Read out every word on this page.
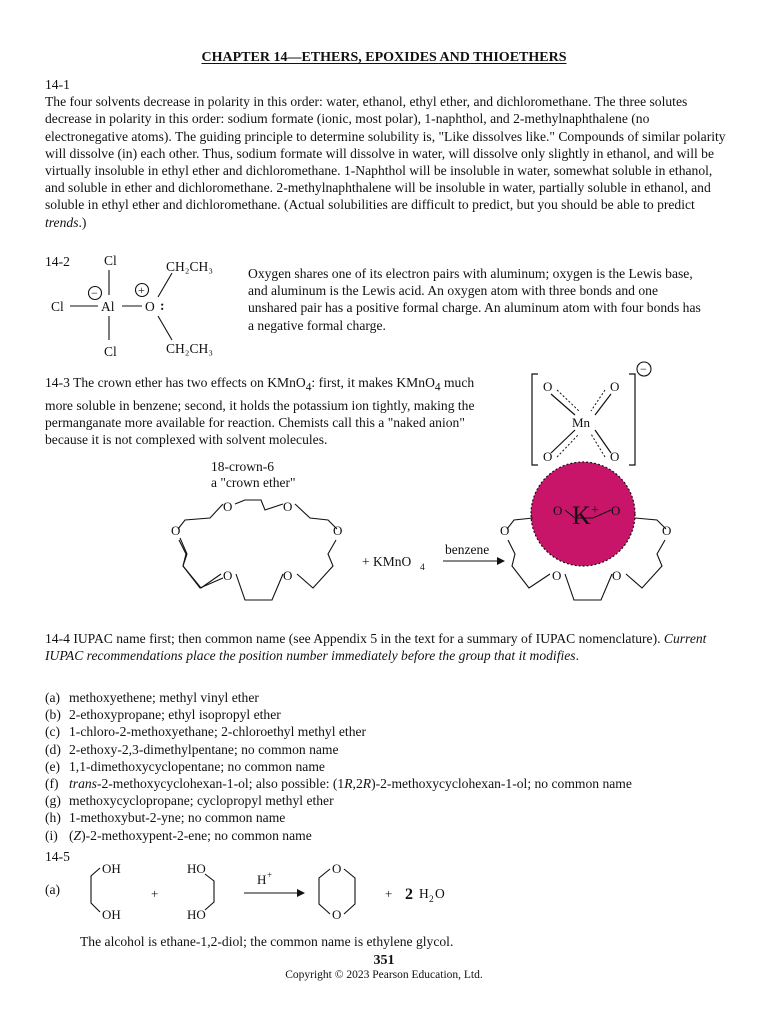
CHAPTER 14—ETHERS, EPOXIDES AND THIOETHERS
14-1
The four solvents decrease in polarity in this order: water, ethanol, ethyl ether, and dichloromethane. The three solutes decrease in polarity in this order: sodium formate (ionic, most polar), 1-naphthol, and 2-methylnaphthalene (no electronegative atoms). The guiding principle to determine solubility is, "Like dissolves like." Compounds of similar polarity will dissolve (in) each other. Thus, sodium formate will dissolve in water, will dissolve only slightly in ethanol, and will be virtually insoluble in ethyl ether and dichloromethane. 1-Naphthol will be insoluble in water, somewhat soluble in ethanol, and soluble in ether and dichloromethane. 2-methylnaphthalene will be insoluble in water, partially soluble in ethanol, and soluble in ethyl ether and dichloromethane. (Actual solubilities are difficult to predict, but you should be able to predict trends.)
14-2	Cl
Cl	Al O :
Cl
CH₂CH₃
CH₂CH₃
−	+
Oxygen shares one of its electron pairs with aluminum; oxygen is the Lewis base, and aluminum is the Lewis acid. An oxygen atom with three bonds and one unshared pair has a positive formal charge. An aluminum atom with four bonds has a negative formal charge.
14-3 The crown ether has two effects on KMnO$_4$: first, it makes KMnO$_4$ much more soluble in benzene; second, it holds the potassium ion tightly, making the permanganate more available for reaction. Chemists call this a "naked anion" because it is not complexed with solvent molecules.
18-crown-6
a "crown ether"
O	O
O	O
O	O
+ KMnO 4
benzene
O	O
O	O
Mn
K +
O	O
O	O
O	O
−
14-4 IUPAC name first; then common name (see Appendix 5 in the text for a summary of IUPAC nomenclature). Current IUPAC recommendations place the position number immediately before the group that it modifies.
(a) methoxyethene; methyl vinyl ether
(b) 2-ethoxypropane; ethyl isopropyl ether
(c) 1-chloro-2-methoxyethane; 2-chloroethyl methyl ether
(d) 2-ethoxy-2,3-dimethylpentane; no common name
(e) 1,1-dimethoxycyclopentane; no common name
(f) trans-2-methoxycyclohexan-1-ol; also possible: (1R,2R)-2-methoxycyclohexan-1-ol; no common name
(g) methoxycyclopropane; cyclopropyl methyl ether
(h) 1-methoxybut-2-yne; no common name
(i) (Z)-2-methoxypent-2-ene; no common name
14-5
(a)
OH
OH
HO
HO
+
H +	O
O
+ 2 H 2 O
The alcohol is ethane-1,2-diol; the common name is ethylene glycol.
351
Copyright © 2023 Pearson Education, Ltd.
